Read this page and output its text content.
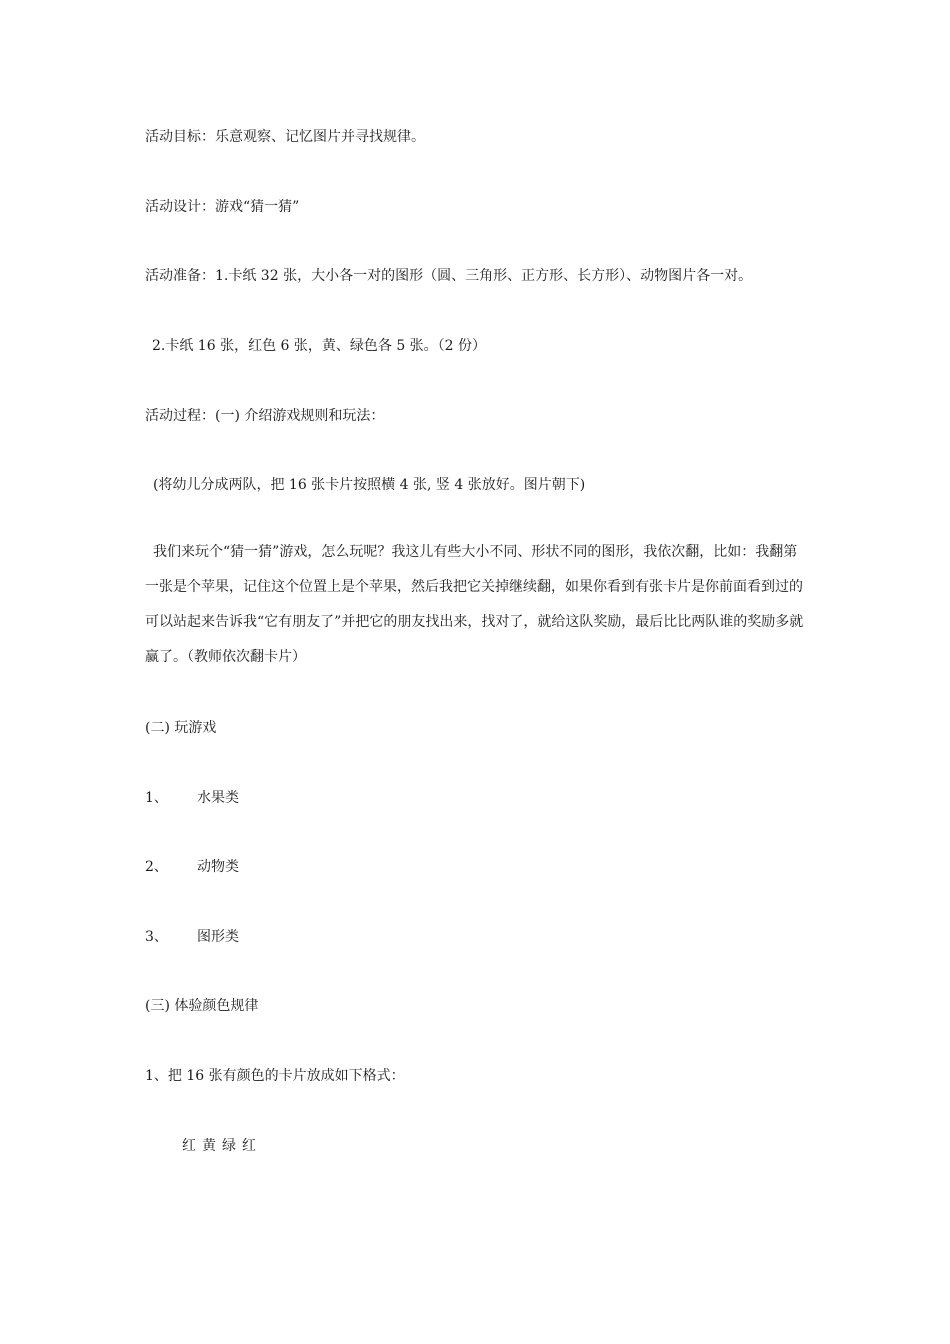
活动目标：乐意观察、记忆图片并寻找规律。
活动设计：游戏“猜一猜”
活动准备：1.卡纸 32 张，大小各一对的图形（圆、三角形、正方形、长方形）、动物图片各一对。
2.卡纸 16 张，红色 6 张，黄、绿色各 5 张。（2 份）
活动过程：(一) 介绍游戏规则和玩法：
(将幼儿分成两队，把 16 张卡片按照横 4 张, 竖 4 张放好。图片朝下)
我们来玩个“猜一猜”游戏，怎么玩呢？我这儿有些大小不同、形状不同的图形，我依次翻，比如：我翻第一张是个苹果，记住这个位置上是个苹果，然后我把它关掉继续翻，如果你看到有张卡片是你前面看到过的可以站起来告诉我“它有朋友了”并把它的朋友找出来，找对了，就给这队奖励，最后比比两队谁的奖励多就赢了。（教师依次翻卡片）
(二) 玩游戏
1、 水果类
2、 动物类
3、 图形类
(三) 体验颜色规律
1、把 16 张有颜色的卡片放成如下格式：
红 黄 绿 红
